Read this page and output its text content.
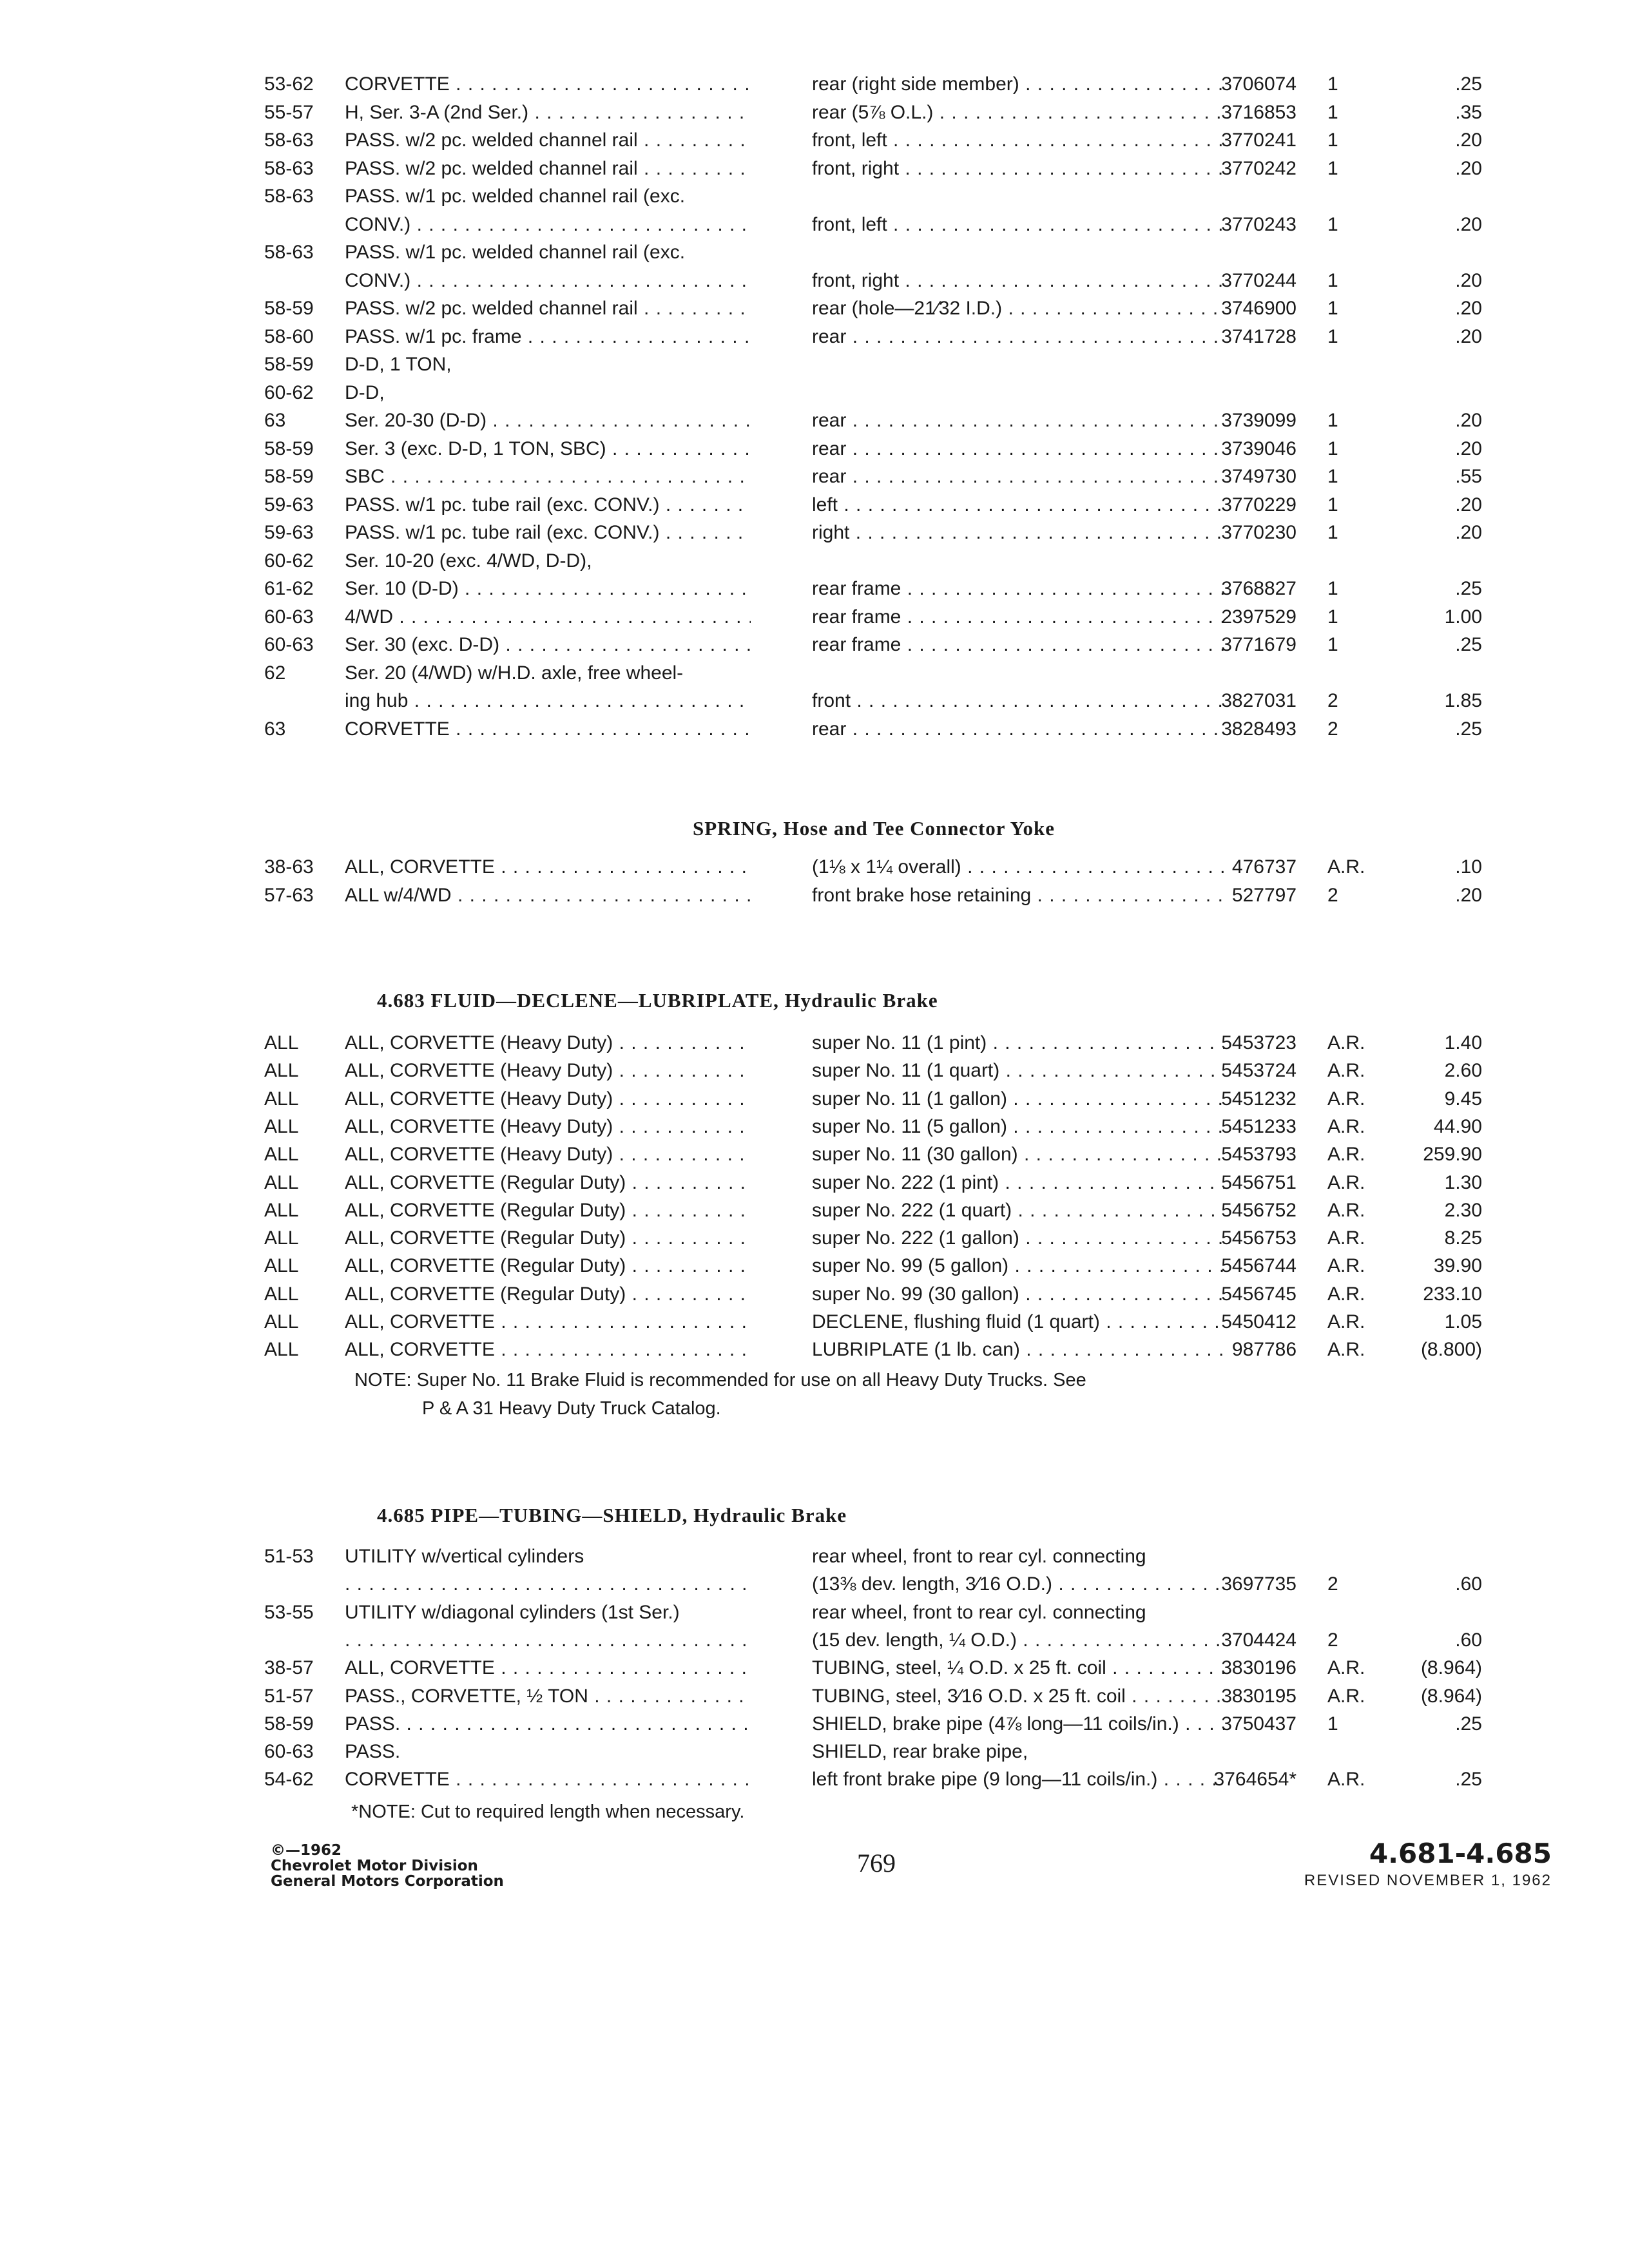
53-62 CORVETTE . . .	rear (right side member) . . .	3706074 1	.25
55-57 H, Ser. 3-A (2nd Ser.) . . .	rear (5⅞ O.L.) . . .	3716853 1	.35
58-63 PASS. w/2 pc. welded channel rail . . .	front, left . . .	3770241 1	.20
58-63 PASS. w/2 pc. welded channel rail . . .	front, right . . .	3770242 1	.20
58-63 PASS. w/1 pc. welded channel rail (exc.
CONV.) . . .	front, left . . .	3770243 1	.20
58-63 PASS. w/1 pc. welded channel rail (exc.
CONV.) . . .	front, right . . .	3770244 1	.20
58-59 PASS. w/2 pc. welded channel rail . . .	rear (hole—21⁄32 I.D.) . . .	3746900 1	.20
58-60 PASS. w/1 pc. frame . . .	rear . . .	3741728 1	.20
58-59 D-D, 1 TON,
60-62 D-D,
63	Ser. 20-30 (D-D) . . .	rear . . .	3739099 1	.20
58-59 Ser. 3 (exc. D-D, 1 TON, SBC) . . .	rear . . .	3739046 1	.20
58-59 SBC . . .	rear . . .	3749730 1	.55
59-63 PASS. w/1 pc. tube rail (exc. CONV.) . . .	left . . .	3770229 1	.20
59-63 PASS. w/1 pc. tube rail (exc. CONV.) . . .	right . . .	3770230 1	.20
60-62 Ser. 10-20 (exc. 4/WD, D-D),
61-62 Ser. 10 (D-D) . . .	rear frame . . .	3768827 1	.25
60-63 4/WD . . .	rear frame . . .	2397529 1	1.00
60-63 Ser. 30 (exc. D-D) . . .	rear frame . . .	3771679 1	.25
62	Ser. 20 (4/WD) w/H.D. axle, free wheel-
ing hub . . .	front . . .	3827031 2	1.85
63	CORVETTE . . .	rear . . .	3828493 2	.25
SPRING, Hose and Tee Connector Yoke
38-63 ALL, CORVETTE . . .	(1⅛ x 1¼ overall) . . .	476737 A.R.	.10
57-63 ALL w/4/WD . . .	front brake hose retaining . . .	527797 2	.20
4.683 FLUID—DECLENE—LUBRIPLATE, Hydraulic Brake
ALL ALL, CORVETTE (Heavy Duty) . . .	super No. 11 (1 pint) . . .	5453723 A.R.	1.40
ALL ALL, CORVETTE (Heavy Duty) . . .	super No. 11 (1 quart) . . .	5453724 A.R.	2.60
ALL ALL, CORVETTE (Heavy Duty) . . .	super No. 11 (1 gallon) . . .	5451232 A.R.	9.45
ALL ALL, CORVETTE (Heavy Duty) . . .	super No. 11 (5 gallon) . . .	5451233 A.R.	44.90
ALL ALL, CORVETTE (Heavy Duty) . . .	super No. 11 (30 gallon) . . .	5453793 A.R.	259.90
ALL ALL, CORVETTE (Regular Duty) . . .	super No. 222 (1 pint) . . .	5456751 A.R.	1.30
ALL ALL, CORVETTE (Regular Duty) . . .	super No. 222 (1 quart) . . .	5456752 A.R.	2.30
ALL ALL, CORVETTE (Regular Duty) . . .	super No. 222 (1 gallon) . . .	5456753 A.R.	8.25
ALL ALL, CORVETTE (Regular Duty) . . .	super No. 99 (5 gallon) . . .	5456744 A.R.	39.90
ALL ALL, CORVETTE (Regular Duty) . . .	super No. 99 (30 gallon) . . .	5456745 A.R.	233.10
ALL ALL, CORVETTE . . .	DECLENE, flushing fluid (1 quart) . . .	5450412 A.R.	1.05
ALL ALL, CORVETTE . . .	LUBRIPLATE (1 lb. can) . . .	987786 A.R.	(8.800)
NOTE: Super No. 11 Brake Fluid is recommended for use on all Heavy Duty Trucks. See
P & A 31 Heavy Duty Truck Catalog.
4.685 PIPE—TUBING—SHIELD, Hydraulic Brake
51-53 UTILITY w/vertical cylinders	rear wheel, front to rear cyl. connecting
. . .
(13⅜ dev. length, 3⁄16 O.D.) . . .	3697735 2	.60
53-55 UTILITY w/diagonal cylinders (1st Ser.)	rear wheel, front to rear cyl. connecting
. . .
(15 dev. length, ¼ O.D.) . . .	3704424 2	.60
38-57 ALL, CORVETTE . . .	TUBING, steel, ¼ O.D. x 25 ft. coil . . .	3830196 A.R.	(8.964)
51-57 PASS., CORVETTE, ½ TON . . .	TUBING, steel, 3⁄16 O.D. x 25 ft. coil . . .	3830195 A.R.	(8.964)
58-59 PASS. . . .	SHIELD, brake pipe (4⅞ long—11 coils/in.) . . .	3750437 1	.25
60-63 PASS.	SHIELD, rear brake pipe,
54-62 CORVETTE . . .	left front brake pipe (9 long—11 coils/in.) . . .	3764654* A.R.	.25
*NOTE: Cut to required length when necessary.
©—1962
Chevrolet Motor Division
General Motors Corporation
769	4.681-4.685
REVISED NOVEMBER 1, 1962
